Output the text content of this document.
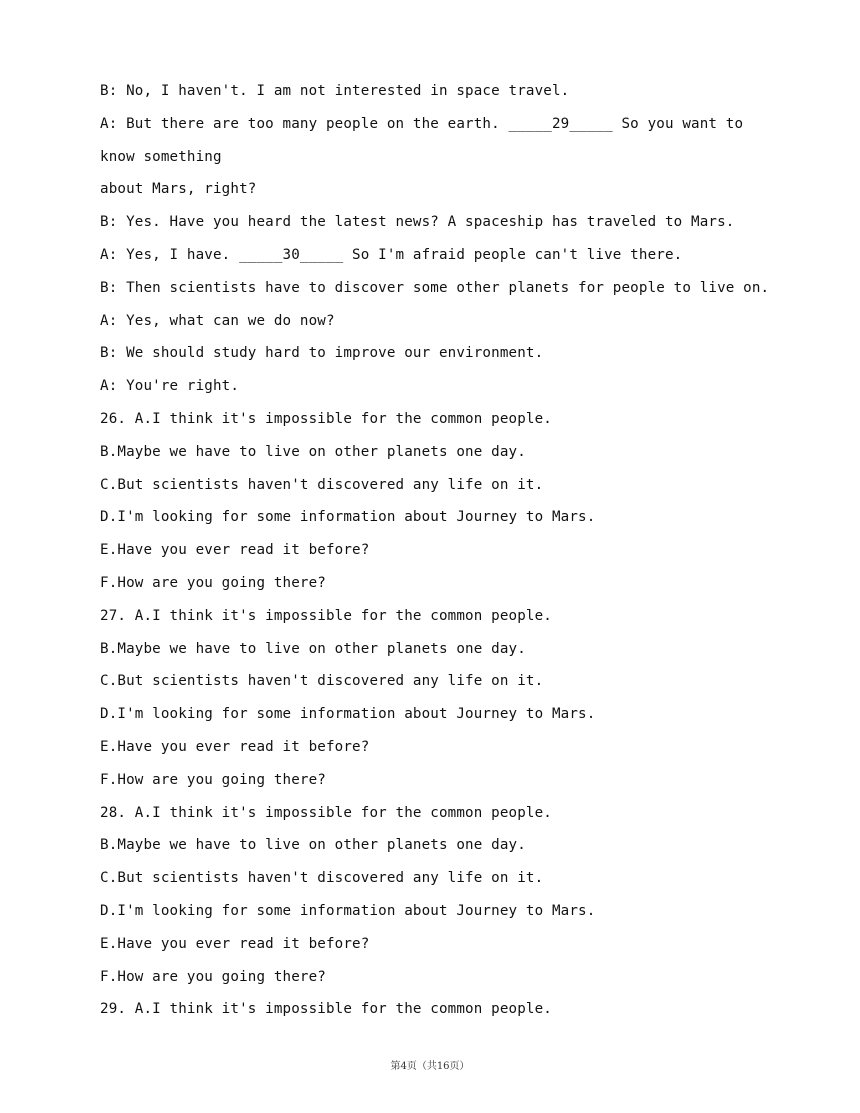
B: No, I haven't. I am not interested in space travel.
A: But there are too many people on the earth. _____29_____ So you want to
know something
about Mars, right?
B: Yes. Have you heard the latest news? A spaceship has traveled to Mars.
A: Yes, I have. _____30_____ So I'm afraid people can't live there.
B: Then scientists have to discover some other planets for people to live on.
A: Yes, what can we do now?
B: We should study hard to improve our environment.
A: You're right.
26. A.I think it's impossible for the common people.
B.Maybe we have to live on other planets one day.
C.But scientists haven't discovered any life on it.
D.I'm looking for some information about Journey to Mars.
E.Have you ever read it before?
F.How are you going there?
27. A.I think it's impossible for the common people.
B.Maybe we have to live on other planets one day.
C.But scientists haven't discovered any life on it.
D.I'm looking for some information about Journey to Mars.
E.Have you ever read it before?
F.How are you going there?
28. A.I think it's impossible for the common people.
B.Maybe we have to live on other planets one day.
C.But scientists haven't discovered any life on it.
D.I'm looking for some information about Journey to Mars.
E.Have you ever read it before?
F.How are you going there?
29. A.I think it's impossible for the common people.
第4页（共16页）
